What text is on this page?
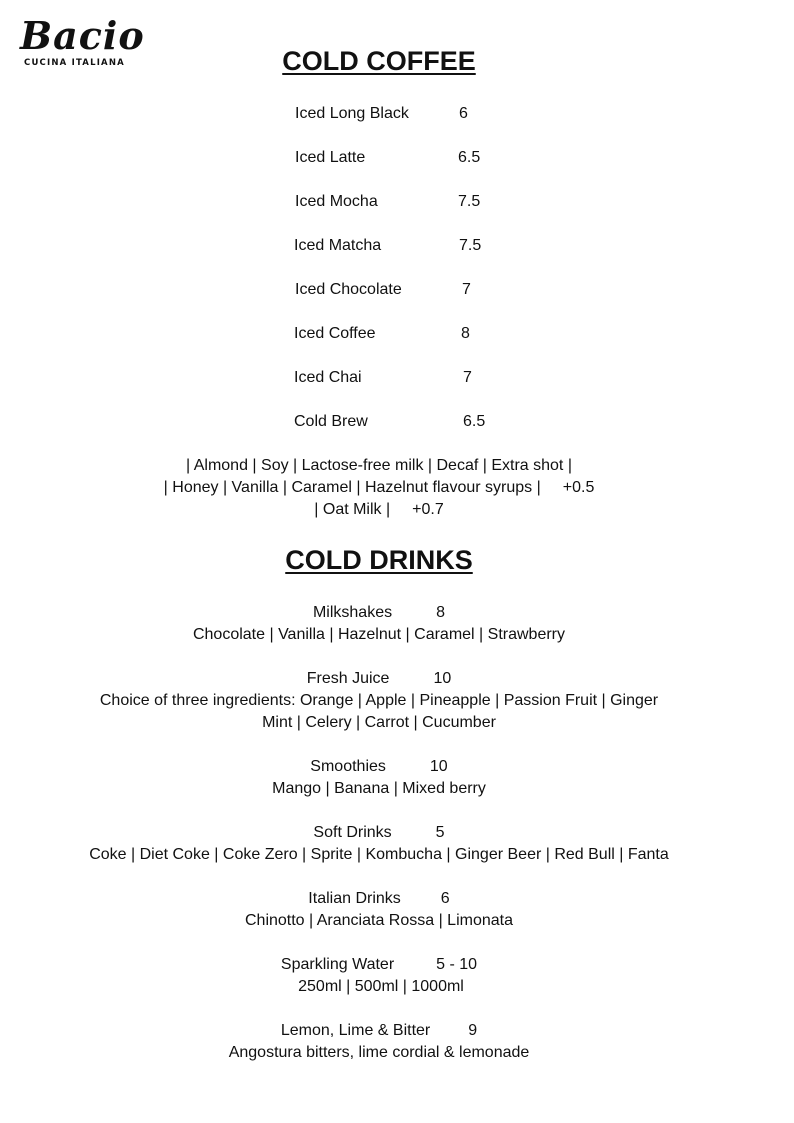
Bacio
CUCINA ITALIANA	COLD COFFEE
Iced Long Black	6
Iced Latte	6.5
Iced Mocha	7.5
Iced Matcha	7.5
Iced Chocolate	7
Iced Coffee	8
Iced Chai	7
Cold Brew	6.5
| Almond | Soy | Lactose-free milk | Decaf | Extra shot |
| Honey | Vanilla | Caramel | Hazelnut flavour syrups | +0.5
| Oat Milk | +0.7
COLD DRINKS
Milkshakes	8
Chocolate | Vanilla | Hazelnut | Caramel | Strawberry
Fresh Juice	10
Choice of three ingredients: Orange | Apple | Pineapple | Passion Fruit | Ginger
Mint | Celery | Carrot | Cucumber
Smoothies	10
Mango | Banana | Mixed berry
Soft Drinks	5
Coke | Diet Coke | Coke Zero | Sprite | Kombucha | Ginger Beer | Red Bull | Fanta
Italian Drinks	6
Chinotto | Aranciata Rossa | Limonata
Sparkling Water	5 - 10
250ml | 500ml | 1000ml
Lemon, Lime & Bitter 9
Angostura bitters, lime cordial & lemonade
